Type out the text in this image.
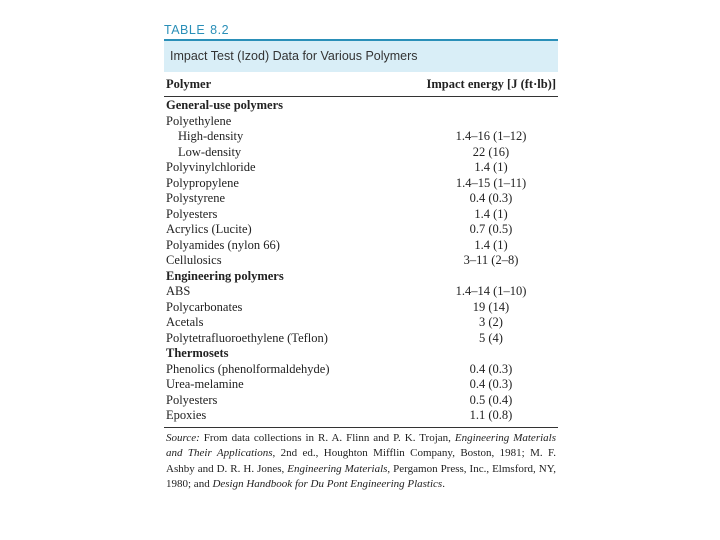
TABLE 8.2
Impact Test (Izod) Data for Various Polymers
Polymer	Impact energy [J (ft·lb)]
General-use polymers
Polyethylene
High-density	1.4–16 (1–12)
Low-density	22 (16)
Polyvinylchloride	1.4 (1)
Polypropylene	1.4–15 (1–11)
Polystyrene	0.4 (0.3)
Polyesters	1.4 (1)
Acrylics (Lucite)	0.7 (0.5)
Polyamides (nylon 66)	1.4 (1)
Cellulosics	3–11 (2–8)
Engineering polymers
ABS	1.4–14 (1–10)
Polycarbonates	19 (14)
Acetals	3 (2)
Polytetrafluoroethylene (Teflon)	5 (4)
Thermosets
Phenolics (phenolformaldehyde)	0.4 (0.3)
Urea-melamine	0.4 (0.3)
Polyesters	0.5 (0.4)
Epoxies	1.1 (0.8)
Source: From data collections in R. A. Flinn and P. K. Trojan, Engineering Materials and Their Applications, 2nd ed., Houghton Mifflin Company, Boston, 1981; M. F. Ashby and D. R. H. Jones, Engineering Materials, Pergamon Press, Inc., Elmsford, NY, 1980; and Design Handbook for Du Pont Engineering Plastics.
